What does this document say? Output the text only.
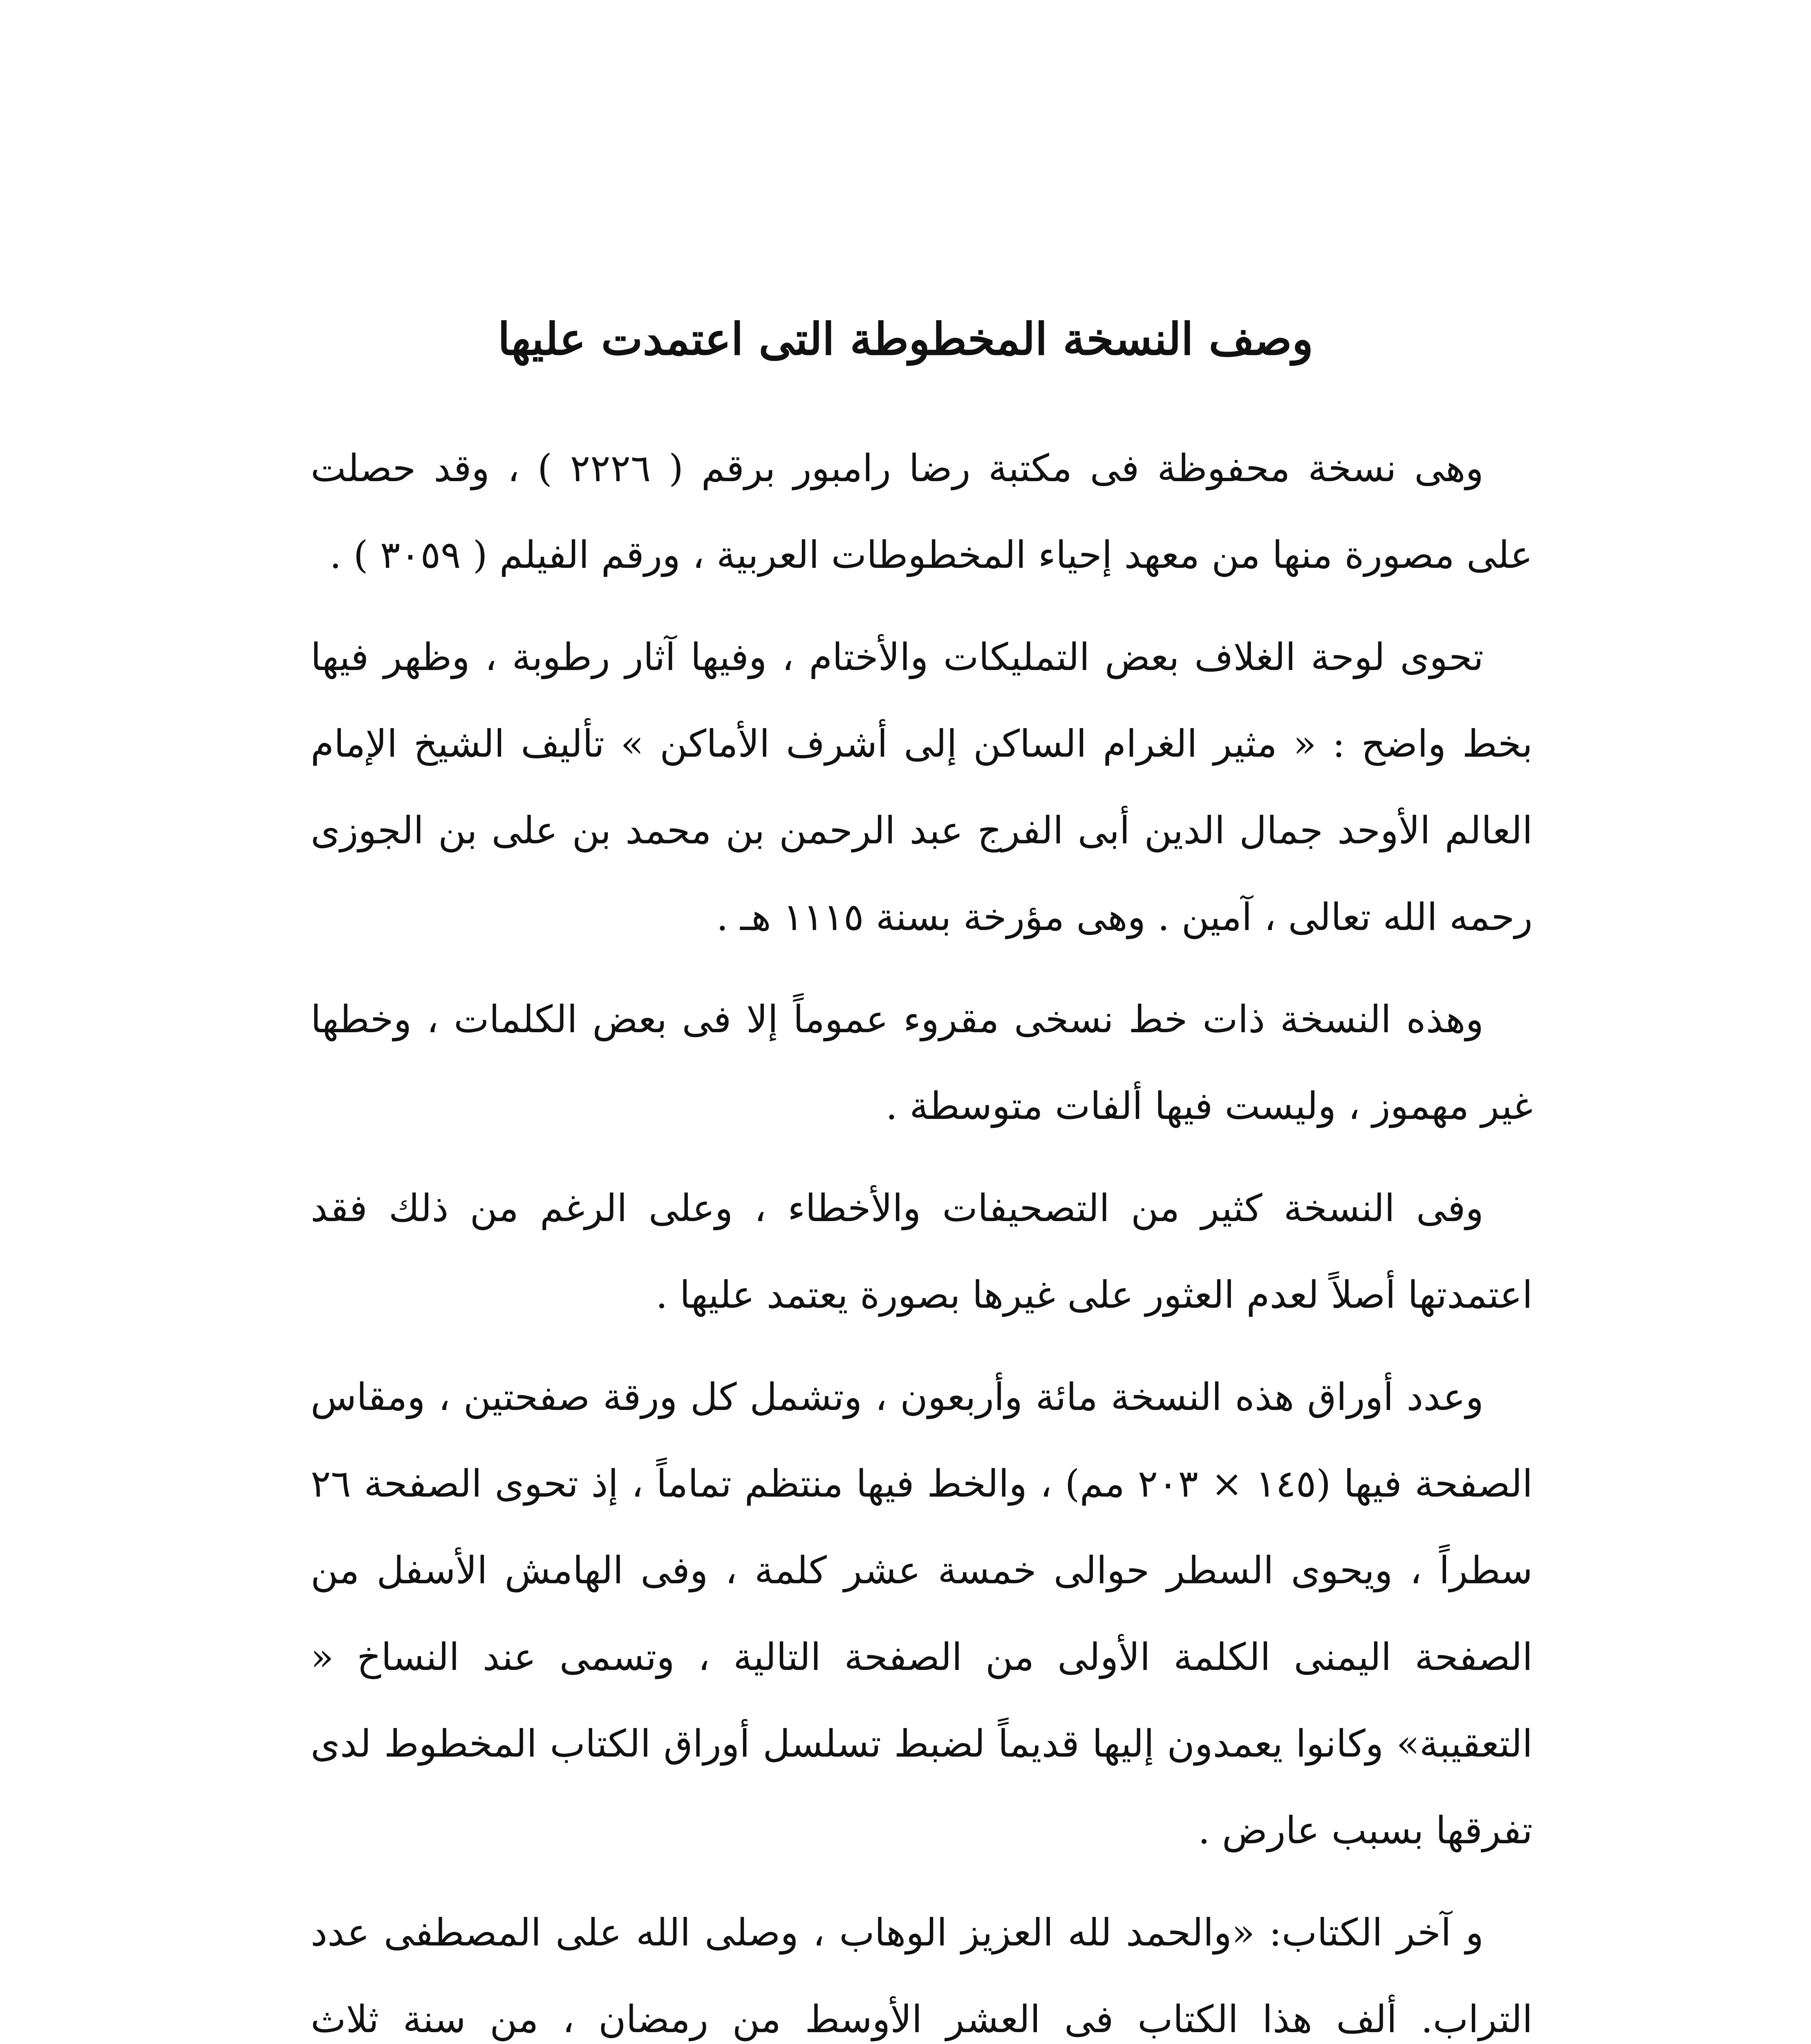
وصف النسخة المخطوطة التى اعتمدت عليها

وهى نسخة محفوظة فى مكتبة رضا رامبور برقم ( ٢٢٢٦ ) ، وقد حصلت على مصورة منها من معهد إحياء المخطوطات العربية ، ورقم الفيلم ( ٣٠٥٩ ) .

تحوى لوحة الغلاف بعض التمليكات والأختام ، وفيها آثار رطوبة ، وظهر فيها بخط واضح : « مثير الغرام الساكن إلى أشرف الأماكن » تأليف الشيخ الإمام العالم الأوحد جمال الدين أبى الفرج عبد الرحمن بن محمد بن على بن الجوزى رحمه الله تعالى ، آمين . وهى مؤرخة بسنة ١١١٥ هـ .

وهذه النسخة ذات خط نسخى مقروء عموماً إلا فى بعض الكلمات ، وخطها غير مهموز ، وليست فيها ألفات متوسطة .

وفى النسخة كثير من التصحيفات والأخطاء ، وعلى الرغم من ذلك فقد اعتمدتها أصلاً لعدم العثور على غيرها بصورة يعتمد عليها .

وعدد أوراق هذه النسخة مائة وأربعون ، وتشمل كل ورقة صفحتين ، ومقاس الصفحة فيها (١٤٥ × ٢٠٣ مم) ، والخط فيها منتظم تماماً ، إذ تحوى الصفحة ٢٦ سطراً ، ويحوى السطر حوالى خمسة عشر كلمة ، وفى الهامش الأسفل من الصفحة اليمنى الكلمة الأولى من الصفحة التالية ، وتسمى عند النساخ « التعقيبة» وكانوا يعمدون إليها قديماً لضبط تسلسل أوراق الكتاب المخطوط لدى تفرقها بسبب عارض .

و آخر الكتاب: «والحمد لله العزيز الوهاب ، وصلى الله على المصطفى عدد التراب. ألف هذا الكتاب فى العشر الأوسط من رمضان ، من سنة ثلاث
